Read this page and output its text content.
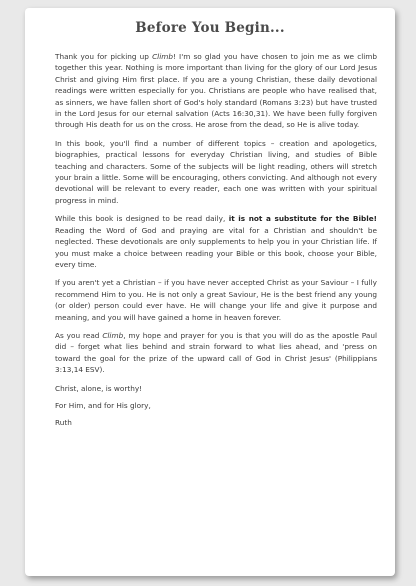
Before You Begin...

Thank you for picking up Climb! I'm so glad you have chosen to join me as we climb together this year. Nothing is more important than living for the glory of our Lord Jesus Christ and giving Him first place. If you are a young Christian, these daily devotional readings were written especially for you. Christians are people who have realised that, as sinners, we have fallen short of God's holy standard (Romans 3:23) but have trusted in the Lord Jesus for our eternal salvation (Acts 16:30,31). We have been fully forgiven through His death for us on the cross. He arose from the dead, so He is alive today.

In this book, you'll find a number of different topics – creation and apologetics, biographies, practical lessons for everyday Christian living, and studies of Bible teaching and characters. Some of the subjects will be light reading, others will stretch your brain a little. Some will be encouraging, others convicting. And although not every devotional will be relevant to every reader, each one was written with your spiritual progress in mind.

While this book is designed to be read daily, it is not a substitute for the Bible! Reading the Word of God and praying are vital for a Christian and shouldn't be neglected. These devotionals are only supplements to help you in your Christian life. If you must make a choice between reading your Bible or this book, choose your Bible, every time.

If you aren't yet a Christian – if you have never accepted Christ as your Saviour – I fully recommend Him to you. He is not only a great Saviour, He is the best friend any young (or older) person could ever have. He will change your life and give it purpose and meaning, and you will have gained a home in heaven forever.

As you read Climb, my hope and prayer for you is that you will do as the apostle Paul did – forget what lies behind and strain forward to what lies ahead, and 'press on toward the goal for the prize of the upward call of God in Christ Jesus' (Philippians 3:13,14 ESV).

Christ, alone, is worthy!

For Him, and for His glory,

Ruth
